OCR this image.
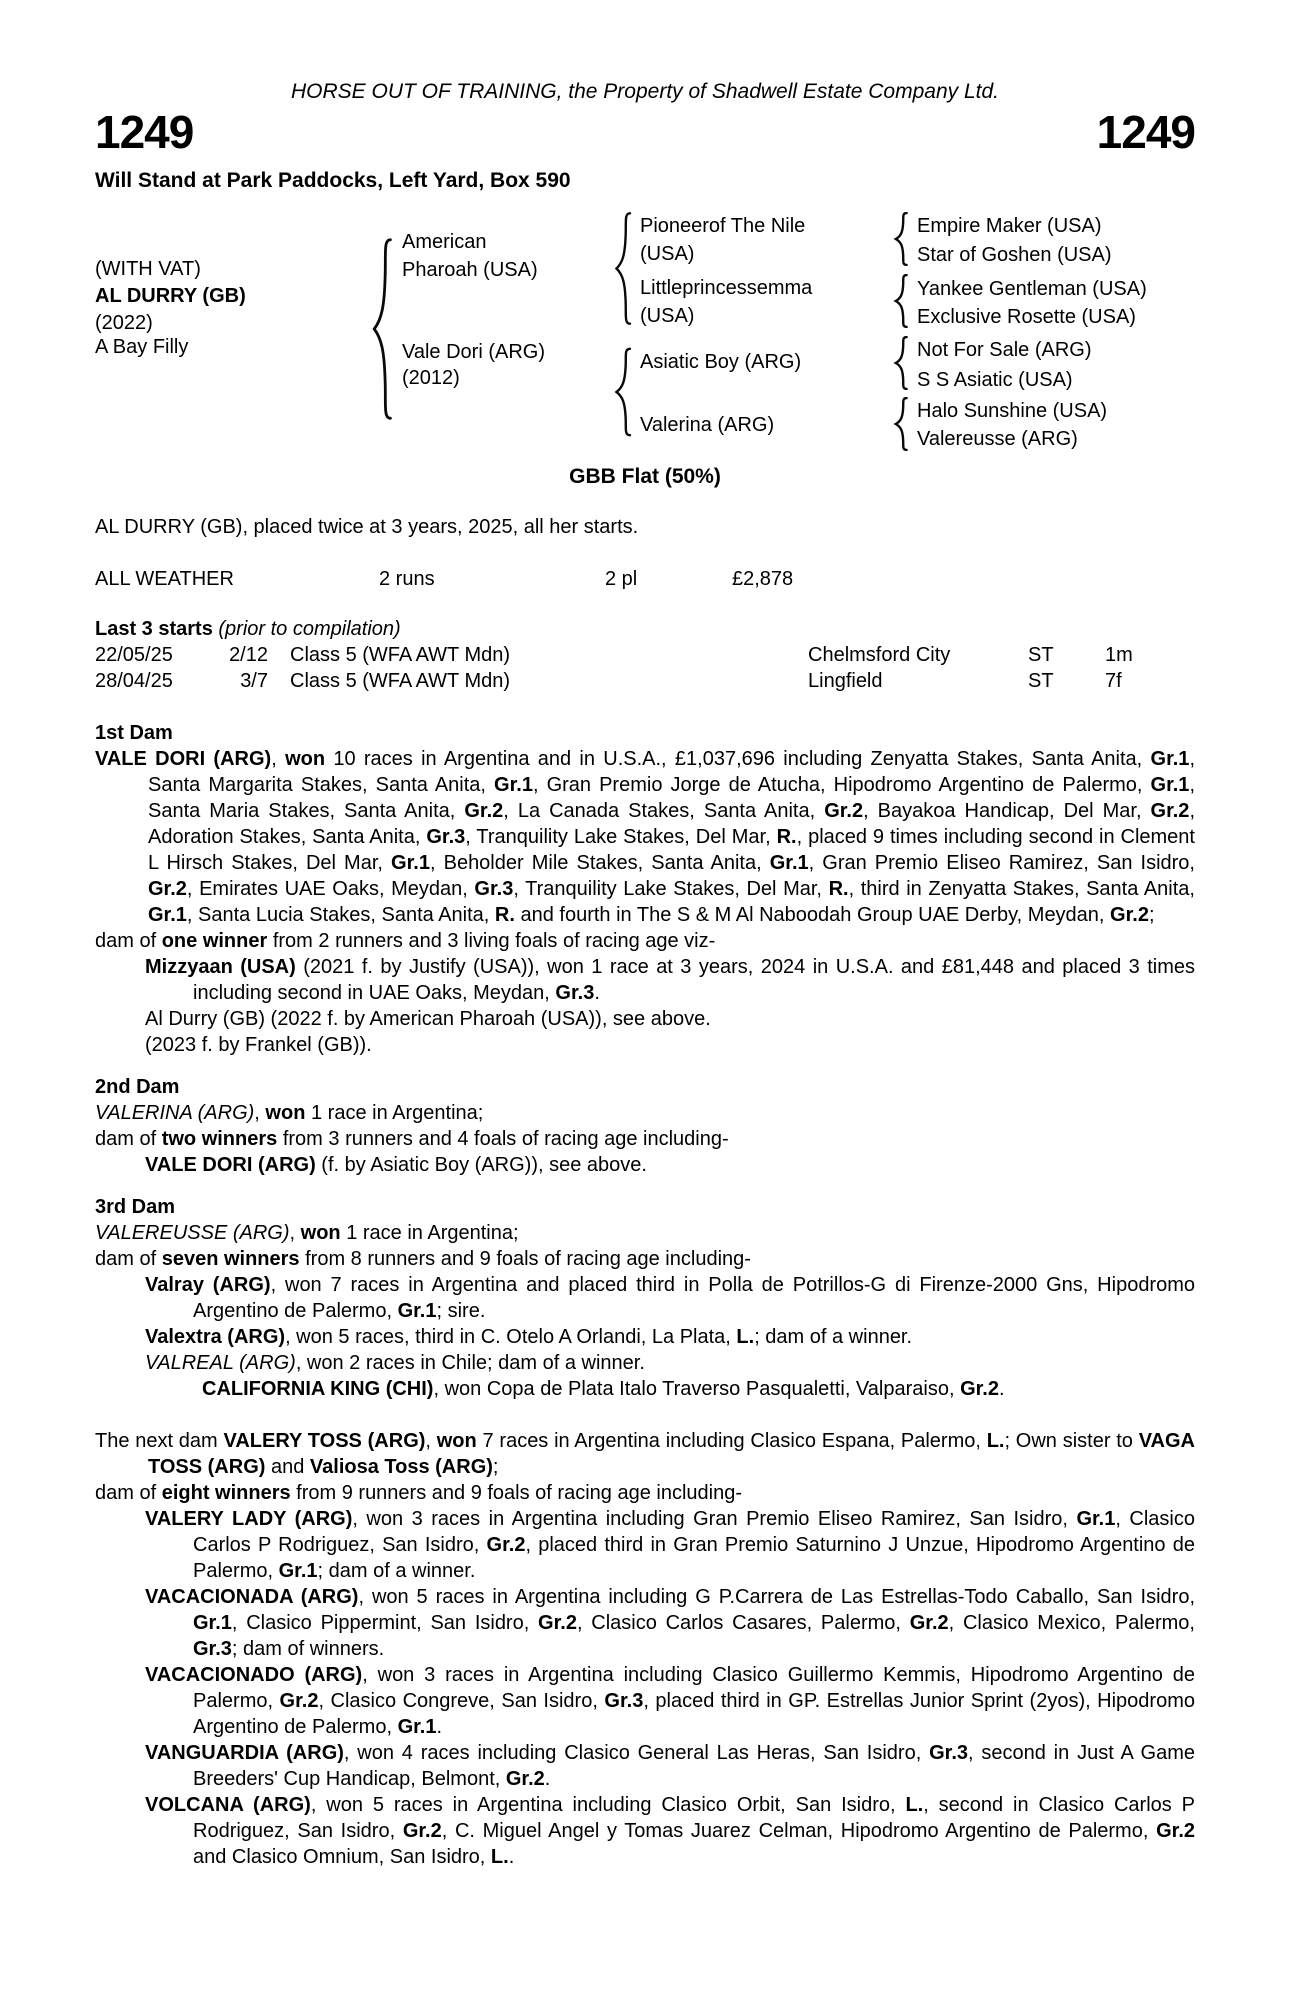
HORSE OUT OF TRAINING, the Property of Shadwell Estate Company Ltd.
1249	1249
Will Stand at Park Paddocks, Left Yard, Box 590
(WITH VAT)
AL DURRY (GB)
(2022)
A Bay Filly
American
Pharoah (USA)
Vale Dori (ARG)
(2012)
Pioneerof The Nile
(USA)
Littleprincessemma
(USA)
Asiatic Boy (ARG)
Valerina (ARG)
Empire Maker (USA)
Star of Goshen (USA)
Yankee Gentleman (USA)
Exclusive Rosette (USA)
Not For Sale (ARG)
S S Asiatic (USA)
Halo Sunshine (USA)
Valereusse (ARG)
GBB Flat (50%)
AL DURRY (GB), placed twice at 3 years, 2025, all her starts.
ALL WEATHER	2 runs	2 pl	£2,878
Last 3 starts (prior to compilation)
22/05/25	2/12 Class 5 (WFA AWT Mdn)	Chelmsford City	ST	1m
28/04/25	3/7 Class 5 (WFA AWT Mdn)	Lingfield	ST	7f
1st Dam
VALE DORI (ARG), won 10 races in Argentina and in U.S.A., £1,037,696 including Zenyatta Stakes, Santa Anita, Gr.1, Santa Margarita Stakes, Santa Anita, Gr.1, Gran Premio Jorge de Atucha, Hipodromo Argentino de Palermo, Gr.1, Santa Maria Stakes, Santa Anita, Gr.2, La Canada Stakes, Santa Anita, Gr.2, Bayakoa Handicap, Del Mar, Gr.2, Adoration Stakes, Santa Anita, Gr.3, Tranquility Lake Stakes, Del Mar, R., placed 9 times including second in Clement L Hirsch Stakes, Del Mar, Gr.1, Beholder Mile Stakes, Santa Anita, Gr.1, Gran Premio Eliseo Ramirez, San Isidro, Gr.2, Emirates UAE Oaks, Meydan, Gr.3, Tranquility Lake Stakes, Del Mar, R., third in Zenyatta Stakes, Santa Anita, Gr.1, Santa Lucia Stakes, Santa Anita, R. and fourth in The S & M Al Naboodah Group UAE Derby, Meydan, Gr.2;
dam of one winner from 2 runners and 3 living foals of racing age viz-
Mizzyaan (USA) (2021 f. by Justify (USA)), won 1 race at 3 years, 2024 in U.S.A. and £81,448 and placed 3 times including second in UAE Oaks, Meydan, Gr.3.
Al Durry (GB) (2022 f. by American Pharoah (USA)), see above.
(2023 f. by Frankel (GB)).
2nd Dam
VALERINA (ARG), won 1 race in Argentina;
dam of two winners from 3 runners and 4 foals of racing age including-
VALE DORI (ARG) (f. by Asiatic Boy (ARG)), see above.
3rd Dam
VALEREUSSE (ARG), won 1 race in Argentina;
dam of seven winners from 8 runners and 9 foals of racing age including-
Valray (ARG), won 7 races in Argentina and placed third in Polla de Potrillos-G di Firenze-2000 Gns, Hipodromo Argentino de Palermo, Gr.1; sire.
Valextra (ARG), won 5 races, third in C. Otelo A Orlandi, La Plata, L.; dam of a winner.
VALREAL (ARG), won 2 races in Chile; dam of a winner.
CALIFORNIA KING (CHI), won Copa de Plata Italo Traverso Pasqualetti, Valparaiso, Gr.2.
The next dam VALERY TOSS (ARG), won 7 races in Argentina including Clasico Espana, Palermo, L.; Own sister to VAGA TOSS (ARG) and Valiosa Toss (ARG);
dam of eight winners from 9 runners and 9 foals of racing age including-
VALERY LADY (ARG), won 3 races in Argentina including Gran Premio Eliseo Ramirez, San Isidro, Gr.1, Clasico Carlos P Rodriguez, San Isidro, Gr.2, placed third in Gran Premio Saturnino J Unzue, Hipodromo Argentino de Palermo, Gr.1; dam of a winner.
VACACIONADA (ARG), won 5 races in Argentina including G P.Carrera de Las Estrellas-Todo Caballo, San Isidro, Gr.1, Clasico Pippermint, San Isidro, Gr.2, Clasico Carlos Casares, Palermo, Gr.2, Clasico Mexico, Palermo, Gr.3; dam of winners.
VACACIONADO (ARG), won 3 races in Argentina including Clasico Guillermo Kemmis, Hipodromo Argentino de Palermo, Gr.2, Clasico Congreve, San Isidro, Gr.3, placed third in GP. Estrellas Junior Sprint (2yos), Hipodromo Argentino de Palermo, Gr.1.
VANGUARDIA (ARG), won 4 races including Clasico General Las Heras, San Isidro, Gr.3, second in Just A Game Breeders' Cup Handicap, Belmont, Gr.2.
VOLCANA (ARG), won 5 races in Argentina including Clasico Orbit, San Isidro, L., second in Clasico Carlos P Rodriguez, San Isidro, Gr.2, C. Miguel Angel y Tomas Juarez Celman, Hipodromo Argentino de Palermo, Gr.2 and Clasico Omnium, San Isidro, L..
